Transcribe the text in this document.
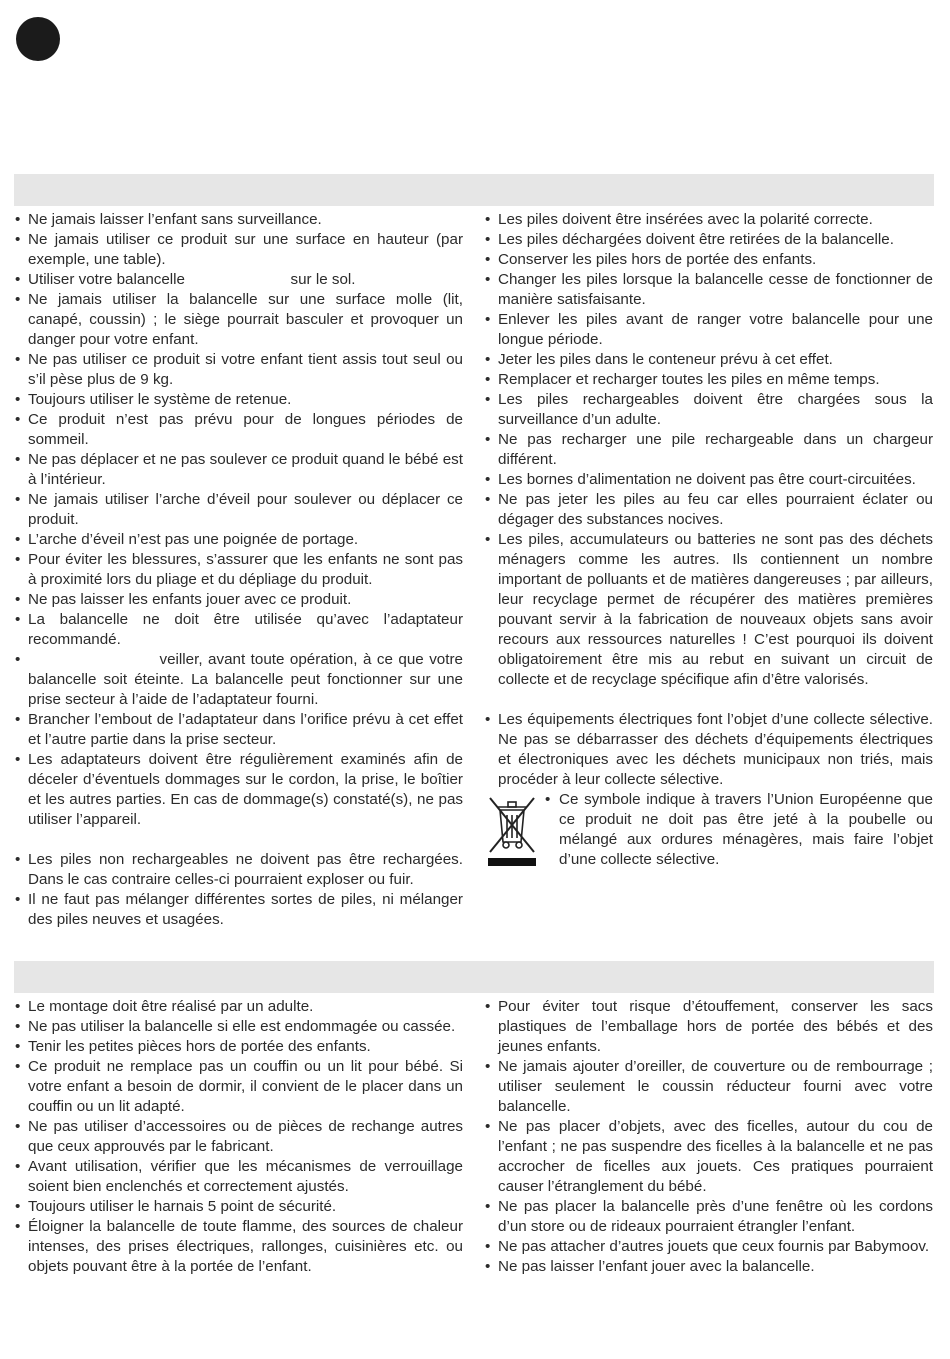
• Ne jamais laisser l’enfant sans surveillance.
• Ne jamais utiliser ce produit sur une surface en hauteur (par exemple, une table).
• Utiliser votre balancelle                         sur le sol.
• Ne jamais utiliser la balancelle sur une surface molle (lit, canapé, coussin) ; le siège pourrait basculer et provoquer un danger pour votre enfant.
• Ne pas utiliser ce produit si votre enfant tient assis tout seul ou s’il pèse plus de 9 kg.
• Toujours utiliser le système de retenue.
• Ce produit n’est pas prévu pour de longues périodes de sommeil.
• Ne pas déplacer et ne pas soulever ce produit quand le bébé est à l’intérieur.
• Ne jamais utiliser l’arche d’éveil pour soulever ou déplacer ce produit.
• L’arche d’éveil n’est pas une poignée de portage.
• Pour éviter les blessures, s’assurer que les enfants ne sont pas à proximité lors du pliage et du dépliage du produit.
• Ne pas laisser les enfants jouer avec ce produit.
• La balancelle ne doit être utilisée qu’avec l’adaptateur recommandé.
•                         veiller, avant toute opération, à ce que votre balancelle soit éteinte. La balancelle peut fonctionner sur une prise secteur à l’aide de l’adaptateur fourni.
• Brancher l’embout de l’adaptateur dans l’orifice prévu à cet effet et l’autre partie dans la prise secteur.
• Les adaptateurs doivent être régulièrement examinés afin de déceler d’éventuels dommages sur le cordon, la prise, le boîtier et les autres parties. En cas de dommage(s) constaté(s), ne pas utiliser l’appareil.
• Les piles non rechargeables ne doivent pas être rechargées. Dans le cas contraire celles-ci pourraient exploser ou fuir.
• Il ne faut pas mélanger différentes sortes de piles, ni mélanger des piles neuves et usagées.
• Les piles doivent être insérées avec la polarité correcte.
• Les piles déchargées doivent être retirées de la balancelle.
• Conserver les piles hors de portée des enfants.
• Changer les piles lorsque la balancelle cesse de fonctionner de manière satisfaisante.
• Enlever les piles avant de ranger votre balancelle pour une longue période.
• Jeter les piles dans le conteneur prévu à cet effet.
• Remplacer et recharger toutes les piles en même temps.
• Les piles rechargeables doivent être chargées sous la surveillance d’un adulte.
• Ne pas recharger une pile rechargeable dans un chargeur différent.
• Les bornes d’alimentation ne doivent pas être court-circuitées.
• Ne pas jeter les piles au feu car elles pourraient éclater ou dégager des substances nocives.
• Les piles, accumulateurs ou batteries ne sont pas des déchets ménagers comme les autres. Ils contiennent un nombre important de polluants et de matières dangereuses ; par ailleurs, leur recyclage permet de récupérer des matières premières pouvant servir à la fabrication de nouveaux objets sans avoir recours aux ressources naturelles ! C’est pourquoi ils doivent obligatoirement être mis au rebut en suivant un circuit de collecte et de recyclage spécifique afin d’être valorisés.
• Les équipements électriques font l’objet d’une collecte sélective. Ne pas se débarrasser des déchets d’équipements électriques et électroniques avec les déchets municipaux non triés, mais procéder à leur collecte sélective.
• Ce symbole indique à travers l’Union Européenne que ce produit ne doit pas être jeté à la poubelle ou mélangé aux ordures ménagères, mais faire l’objet d’une collecte sélective.
• Le montage doit être réalisé par un adulte.
• Ne pas utiliser la balancelle si elle est endommagée ou cassée.
• Tenir les petites pièces hors de portée des enfants.
• Ce produit ne remplace pas un couffin ou un lit pour bébé. Si votre enfant a besoin de dormir, il convient de le placer dans un couffin ou un lit adapté.
• Ne pas utiliser d’accessoires ou de pièces de rechange autres que ceux approuvés par le fabricant.
• Avant utilisation, vérifier que les mécanismes de verrouillage soient bien enclenchés et correctement ajustés.
• Toujours utiliser le harnais 5 point de sécurité.
• Éloigner la balancelle de toute flamme, des sources de chaleur intenses, des prises électriques, rallonges, cuisinières etc. ou objets pouvant être à la portée de l’enfant.
• Pour éviter tout risque d’étouffement, conserver les sacs plastiques de l’emballage hors de portée des bébés et des jeunes enfants.
• Ne jamais ajouter d’oreiller, de couverture ou de rembourrage ; utiliser seulement le coussin réducteur fourni avec votre balancelle.
• Ne pas placer d’objets, avec des ficelles, autour du cou de l’enfant ; ne pas suspendre des ficelles à la balancelle et ne pas accrocher de ficelles aux jouets. Ces pratiques pourraient causer l’étranglement du bébé.
• Ne pas placer la balancelle près d’une fenêtre où les cordons d’un store ou de rideaux pourraient étrangler l’enfant.
• Ne pas attacher d’autres jouets que ceux fournis par Babymoov.
• Ne pas laisser l’enfant jouer avec la balancelle.
